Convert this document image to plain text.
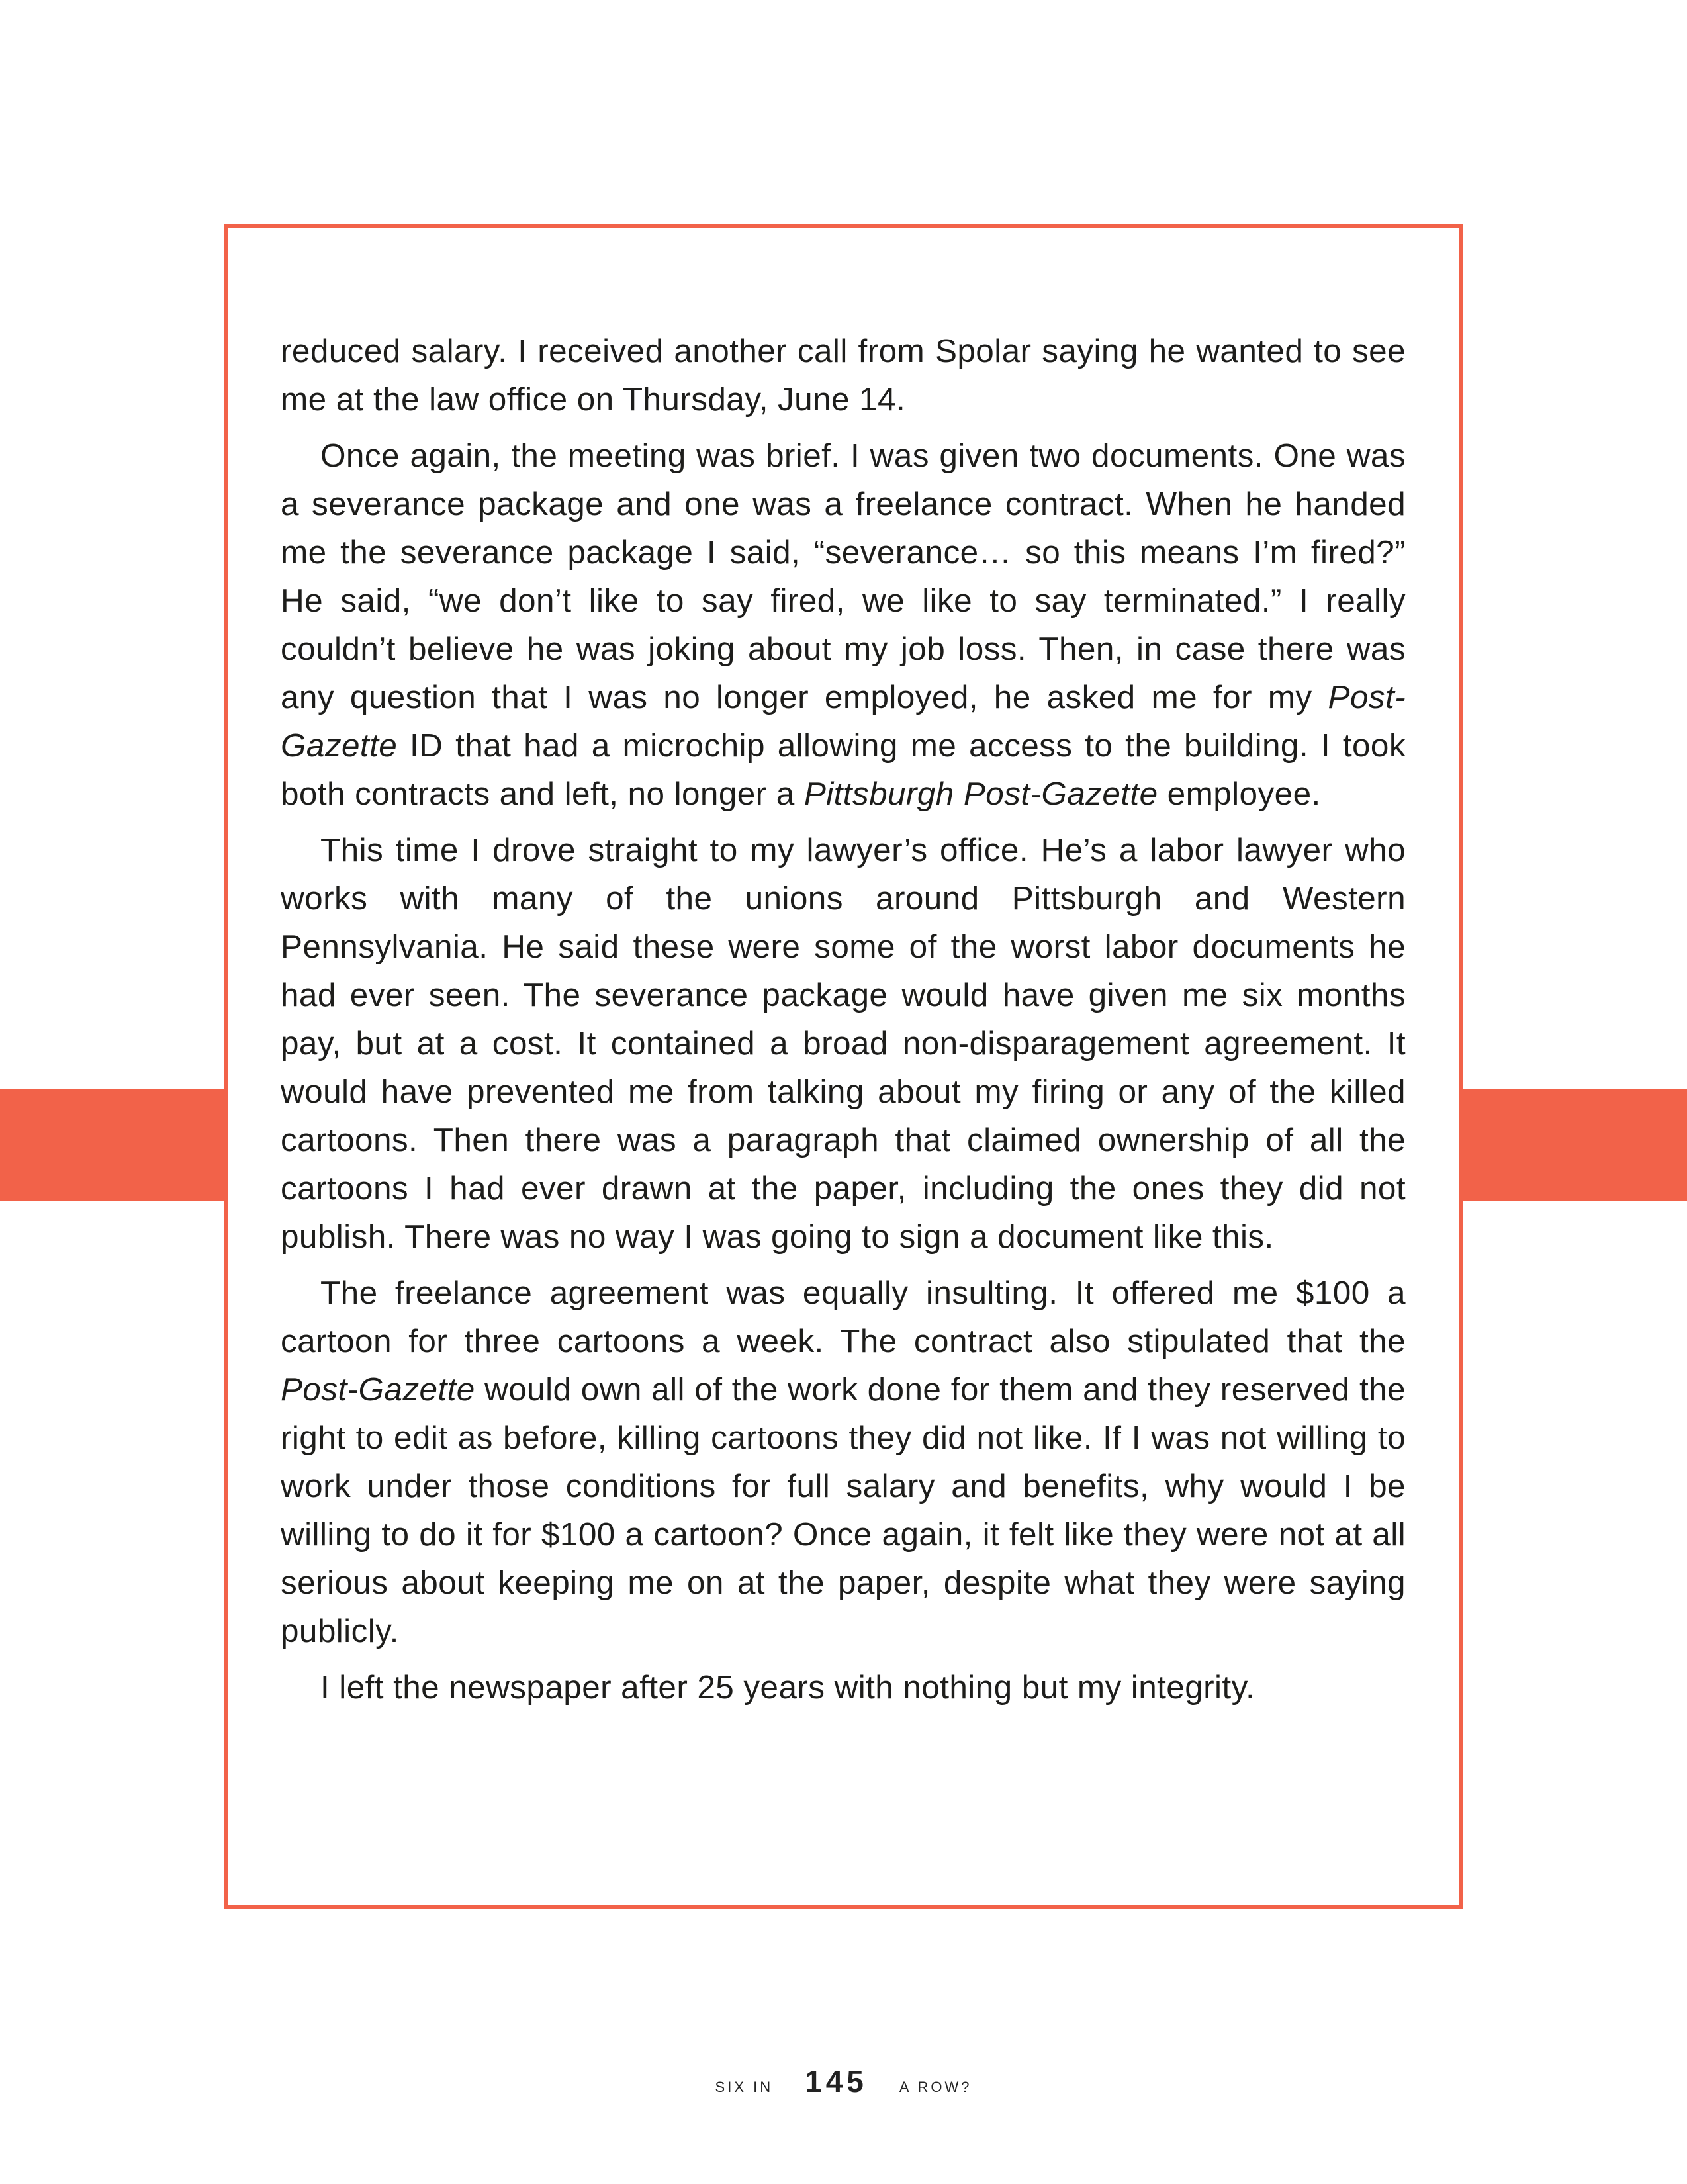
reduced salary. I received another call from Spolar saying he wanted to see me at the law office on Thursday, June 14.

Once again, the meeting was brief. I was given two documents. One was a severance package and one was a freelance contract. When he handed me the severance package I said, “severance… so this means I’m fired?” He said, “we don’t like to say fired, we like to say terminated.” I really couldn’t believe he was joking about my job loss. Then, in case there was any question that I was no longer employed, he asked me for my Post-Gazette ID that had a microchip allowing me access to the building. I took both contracts and left, no longer a Pittsburgh Post-Gazette employee.

This time I drove straight to my lawyer’s office. He’s a labor lawyer who works with many of the unions around Pittsburgh and Western Pennsylvania. He said these were some of the worst labor documents he had ever seen. The severance package would have given me six months pay, but at a cost. It contained a broad non-disparagement agreement. It would have prevented me from talking about my firing or any of the killed cartoons. Then there was a paragraph that claimed ownership of all the cartoons I had ever drawn at the paper, including the ones they did not publish. There was no way I was going to sign a document like this.

The freelance agreement was equally insulting. It offered me $100 a cartoon for three cartoons a week. The contract also stipulated that the Post-Gazette would own all of the work done for them and they reserved the right to edit as before, killing cartoons they did not like. If I was not willing to work under those conditions for full salary and benefits, why would I be willing to do it for $100 a cartoon? Once again, it felt like they were not at all serious about keeping me on at the paper, despite what they were saying publicly.

I left the newspaper after 25 years with nothing but my integrity.

SIX IN 145 A ROW?
